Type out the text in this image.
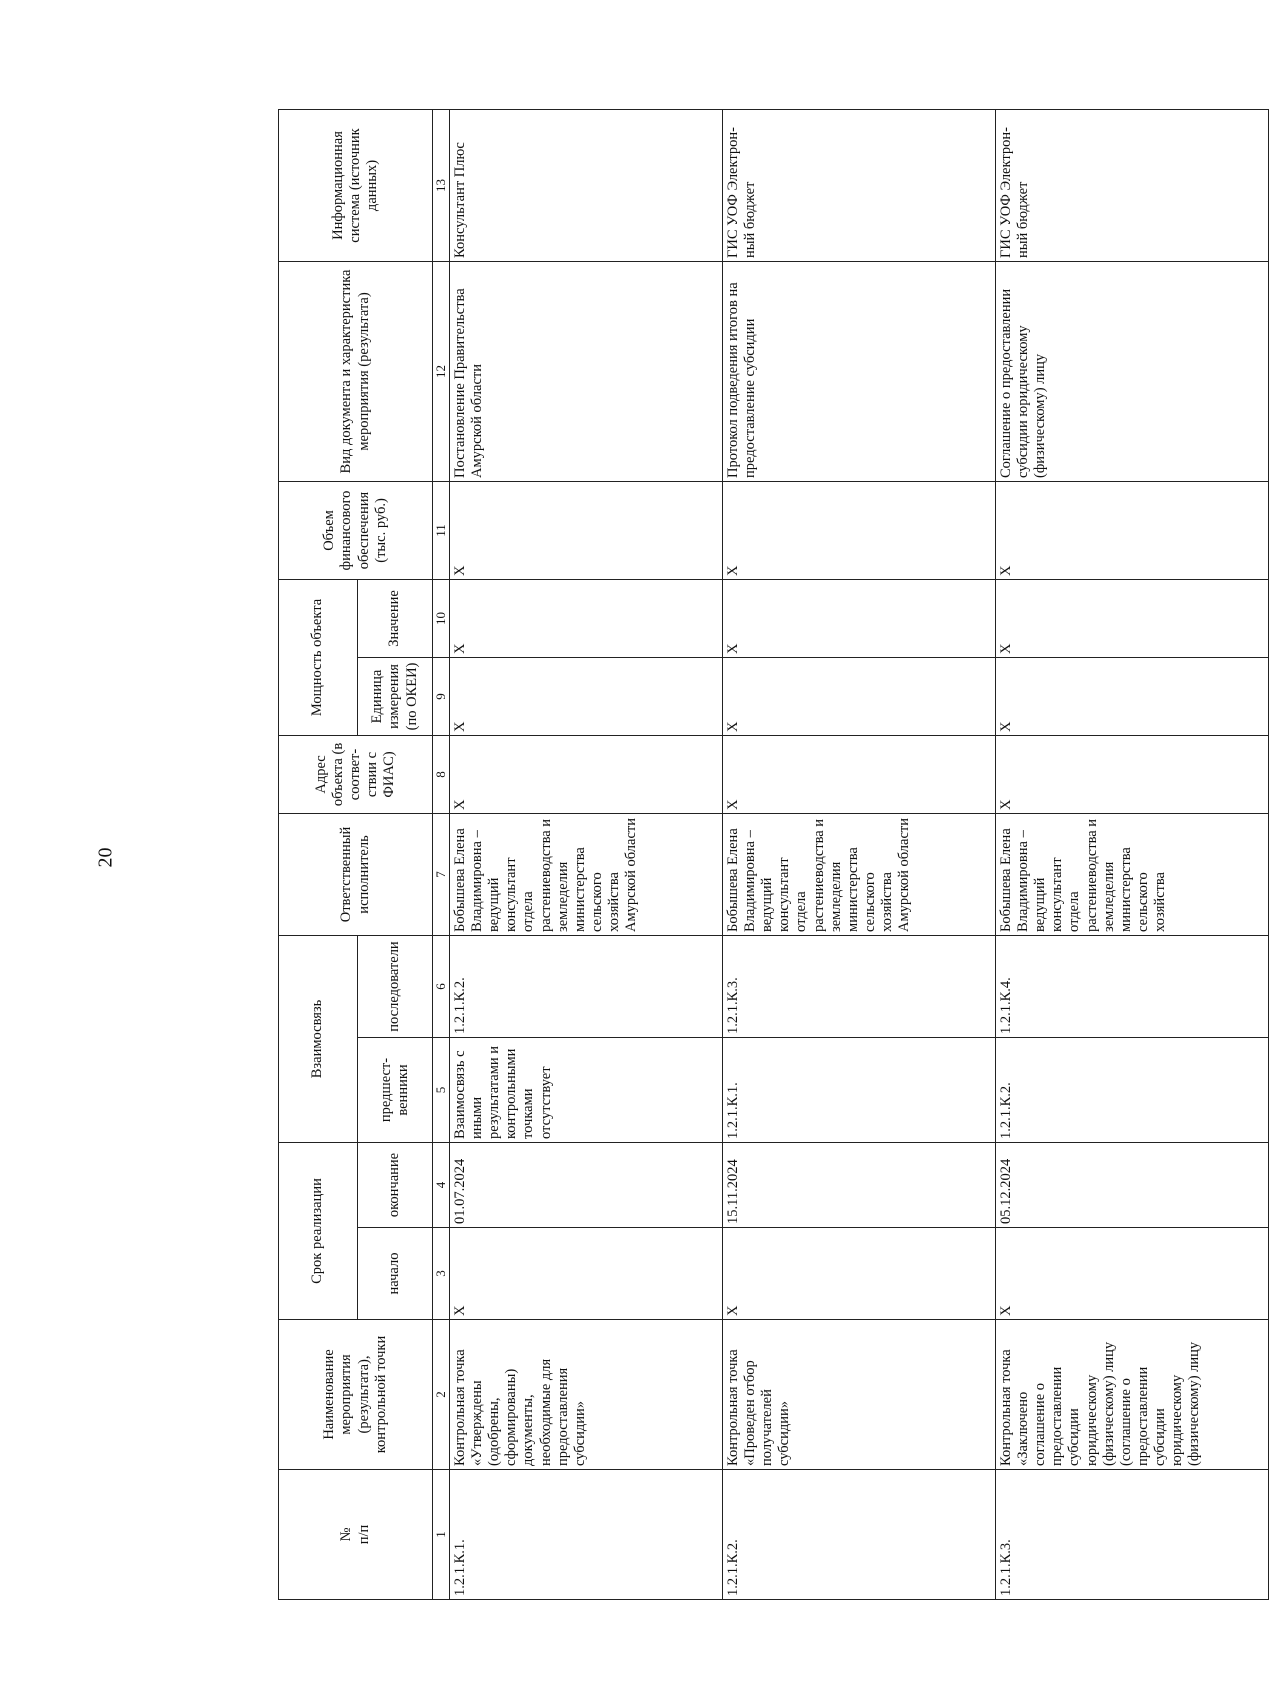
20
№
п/п	Наименование мероприятия (результата), контрольной точки	Срок реализации		Взаимосвязь		Ответственный исполнитель	Адрес объекта (в соответ-ствии с ФИАС)	Мощность объекта		Объем финансового обеспечения (тыс. руб.)	Вид документа и характеристика мероприятия (результата)	Информационная система (источник данных)
		начало	окончание	предшест-венники	последователи			Единица измерения (по ОКЕИ)	Значение			
1	2	3	4	5	6	7	8	9	10	11	12	13
1.2.1.К.1.	Контрольная точка «Утверждены (одобрены, сформированы) документы, необходимые для предоставления субсидии»	Х	01.07.2024	Взаимосвязь с иными результатами и контрольными точками отсутствует	1.2.1.К.2.	Бобышева Елена Владимировна – ведущий консультант отдела растениеводства и земледелия министерства сельского хозяйства Амурской области	Х	Х	Х	Х	Постановление Правительства Амурской области	Консультант Плюс
1.2.1.К.2.	Контрольная точка «Проведен отбор получателей субсидии»	Х	15.11.2024	1.2.1.К.1.	1.2.1.К.3.	Бобышева Елена Владимировна – ведущий консультант отдела растениеводства и земледелия министерства сельского хозяйства Амурской области	Х	Х	Х	Х	Протокол подведения итогов на предоставление субсидии	ГИС УОФ Электрон-ный бюджет
1.2.1.К.3.	Контрольная точка «Заключено соглашение о предоставлении субсидии юридическому (физическому) лицу (соглашение о предоставлении субсидии юридическому (физическому) лицу	Х	05.12.2024	1.2.1.К.2.	1.2.1.К.4.	Бобышева Елена Владимировна – ведущий консультант отдела растениеводства и земледелия министерства сельского хозяйства	Х	Х	Х	Х	Соглашение о предоставлении субсидии юридическому (физическому) лицу	ГИС УОФ Электрон-ный бюджет
